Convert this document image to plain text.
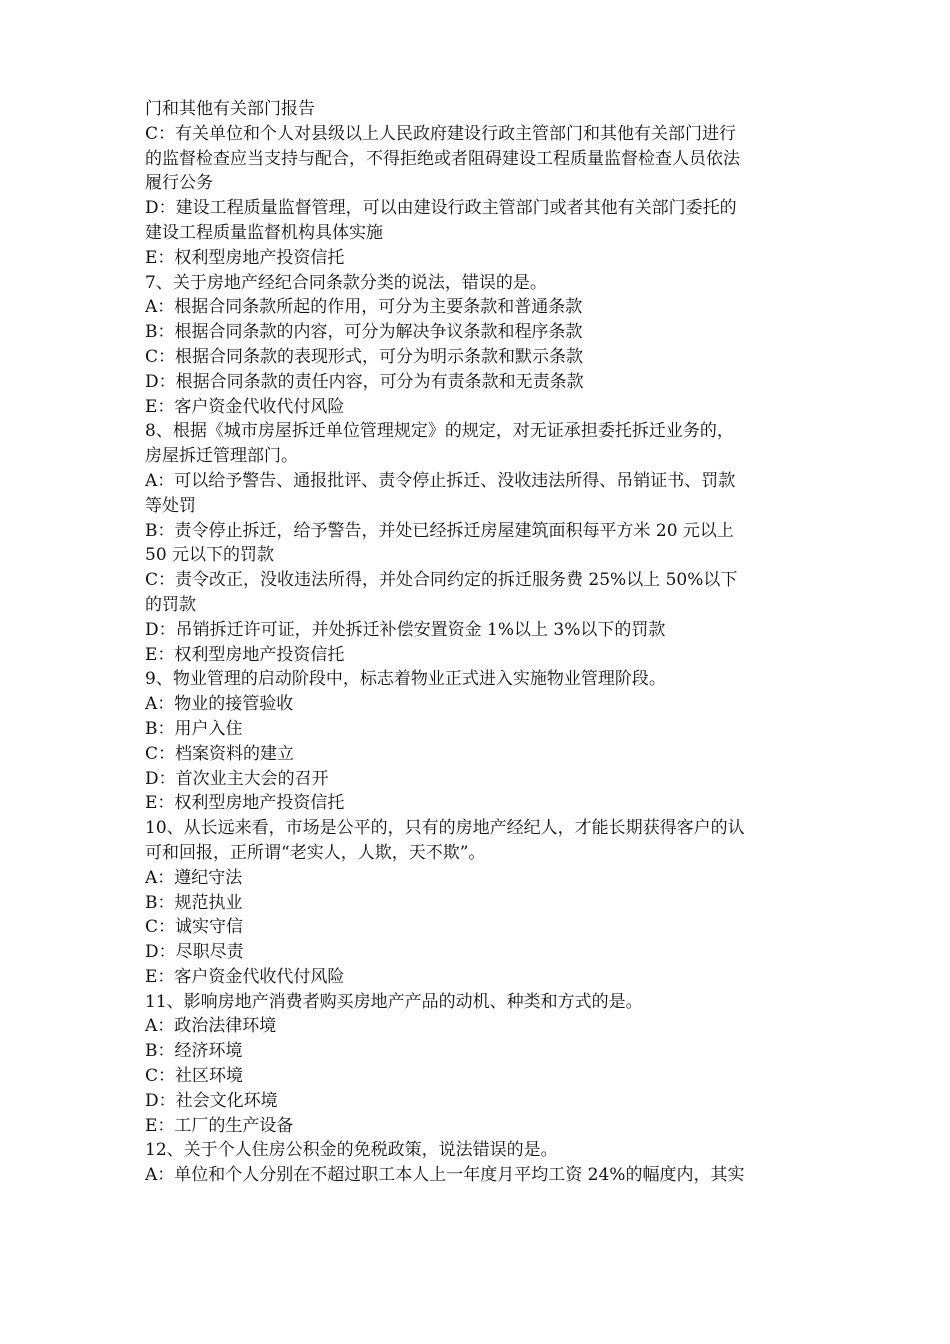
门和其他有关部门报告
C：有关单位和个人对县级以上人民政府建设行政主管部门和其他有关部门进行
的监督检查应当支持与配合，不得拒绝或者阻碍建设工程质量监督检查人员依法
履行公务
D：建设工程质量监督管理，可以由建设行政主管部门或者其他有关部门委托的
建设工程质量监督机构具体实施
E：权利型房地产投资信托
7、关于房地产经纪合同条款分类的说法，错误的是。
A：根据合同条款所起的作用，可分为主要条款和普通条款
B：根据合同条款的内容，可分为解决争议条款和程序条款
C：根据合同条款的表现形式，可分为明示条款和默示条款
D：根据合同条款的责任内容，可分为有责条款和无责条款
E：客户资金代收代付风险
8、根据《城市房屋拆迁单位管理规定》的规定，对无证承担委托拆迁业务的，
房屋拆迁管理部门。
A：可以给予警告、通报批评、责令停止拆迁、没收违法所得、吊销证书、罚款
等处罚
B：责令停止拆迁，给予警告，并处已经拆迁房屋建筑面积每平方米 20 元以上
50 元以下的罚款
C：责令改正，没收违法所得，并处合同约定的拆迁服务费 25%以上 50%以下
的罚款
D：吊销拆迁许可证，并处拆迁补偿安置资金 1%以上 3%以下的罚款
E：权利型房地产投资信托
9、物业管理的启动阶段中，标志着物业正式进入实施物业管理阶段。
A：物业的接管验收
B：用户入住
C：档案资料的建立
D：首次业主大会的召开
E：权利型房地产投资信托
10、从长远来看，市场是公平的，只有的房地产经纪人，才能长期获得客户的认
可和回报，正所谓“老实人，人欺，天不欺”。
A：遵纪守法
B：规范执业
C：诚实守信
D：尽职尽责
E：客户资金代收代付风险
11、影响房地产消费者购买房地产产品的动机、种类和方式的是。
A：政治法律环境
B：经济环境
C：社区环境
D：社会文化环境
E：工厂的生产设备
12、关于个人住房公积金的免税政策，说法错误的是。
A：单位和个人分别在不超过职工本人上一年度月平均工资 24%的幅度内，其实
